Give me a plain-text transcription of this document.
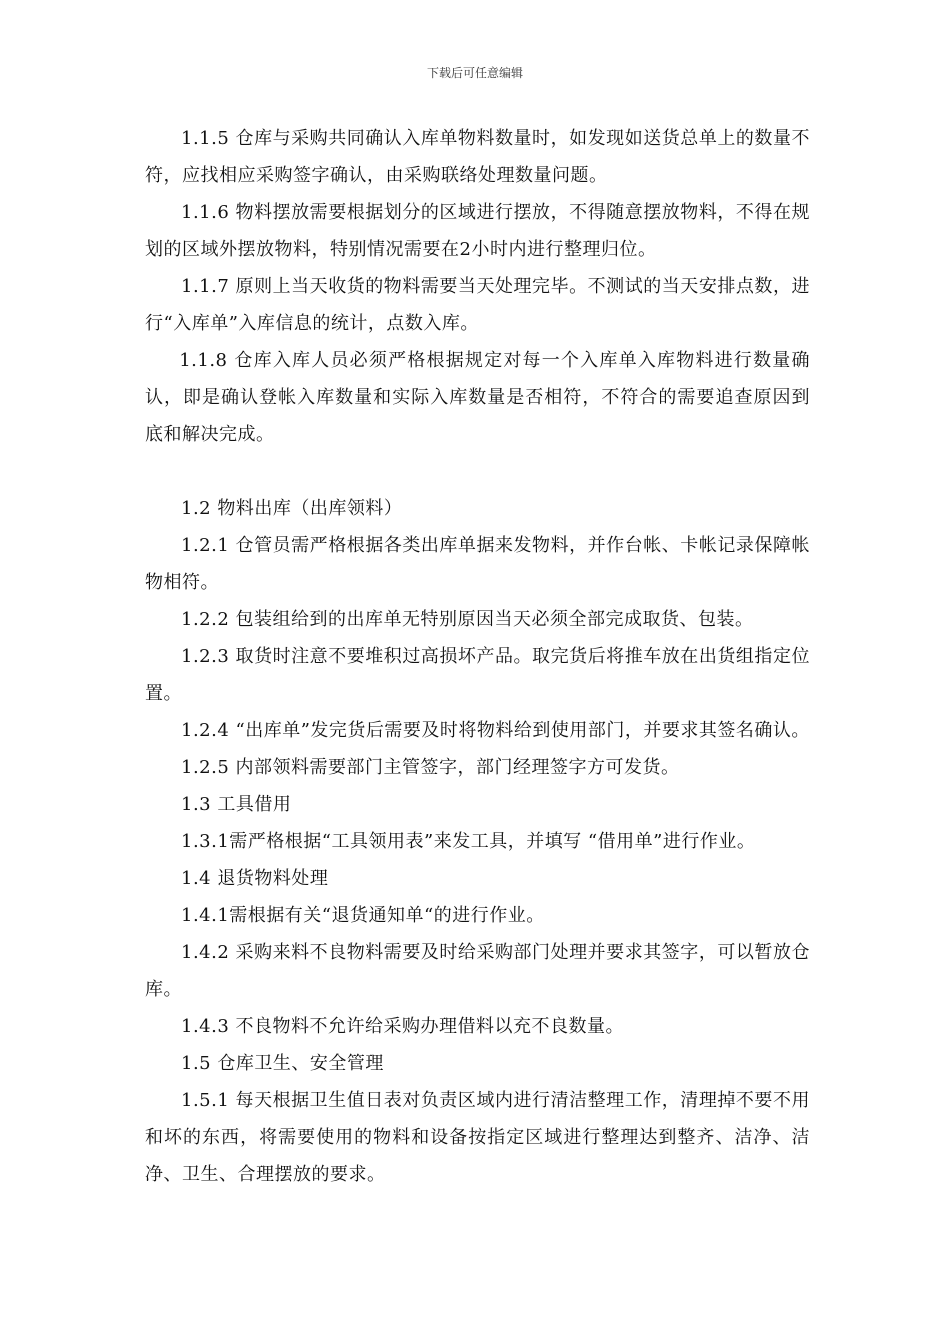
下载后可任意编辑

1.1.5 仓库与采购共同确认入库单物料数量时，如发现如送货总单上的数量不符，应找相应采购签字确认，由采购联络处理数量问题。

1.1.6 物料摆放需要根据划分的区域进行摆放，不得随意摆放物料，不得在规划的区域外摆放物料，特别情况需要在2小时内进行整理归位。

1.1.7 原则上当天收货的物料需要当天处理完毕。不测试的当天安排点数，进行“入库单”入库信息的统计，点数入库。

1.1.8 仓库入库人员必须严格根据规定对每一个入库单入库物料进行数量确认，即是确认登帐入库数量和实际入库数量是否相符，不符合的需要追查原因到底和解决完成。

1.2 物料出库（出库领料）

1.2.1 仓管员需严格根据各类出库单据来发物料，并作台帐、卡帐记录保障帐物相符。

1.2.2 包装组给到的出库单无特别原因当天必须全部完成取货、包装。

1.2.3 取货时注意不要堆积过高损坏产品。取完货后将推车放在出货组指定位置。

1.2.4 “出库单”发完货后需要及时将物料给到使用部门，并要求其签名确认。

1.2.5 内部领料需要部门主管签字，部门经理签字方可发货。

1.3 工具借用

1.3.1需严格根据“工具领用表”来发工具，并填写 “借用单”进行作业。

1.4 退货物料处理

1.4.1需根据有关“退货通知单“的进行作业。

1.4.2 采购来料不良物料需要及时给采购部门处理并要求其签字，可以暂放仓库。

1.4.3 不良物料不允许给采购办理借料以充不良数量。

1.5 仓库卫生、安全管理

1.5.1 每天根据卫生值日表对负责区域内进行清洁整理工作，清理掉不要不用和坏的东西，将需要使用的物料和设备按指定区域进行整理达到整齐、洁净、洁净、卫生、合理摆放的要求。
